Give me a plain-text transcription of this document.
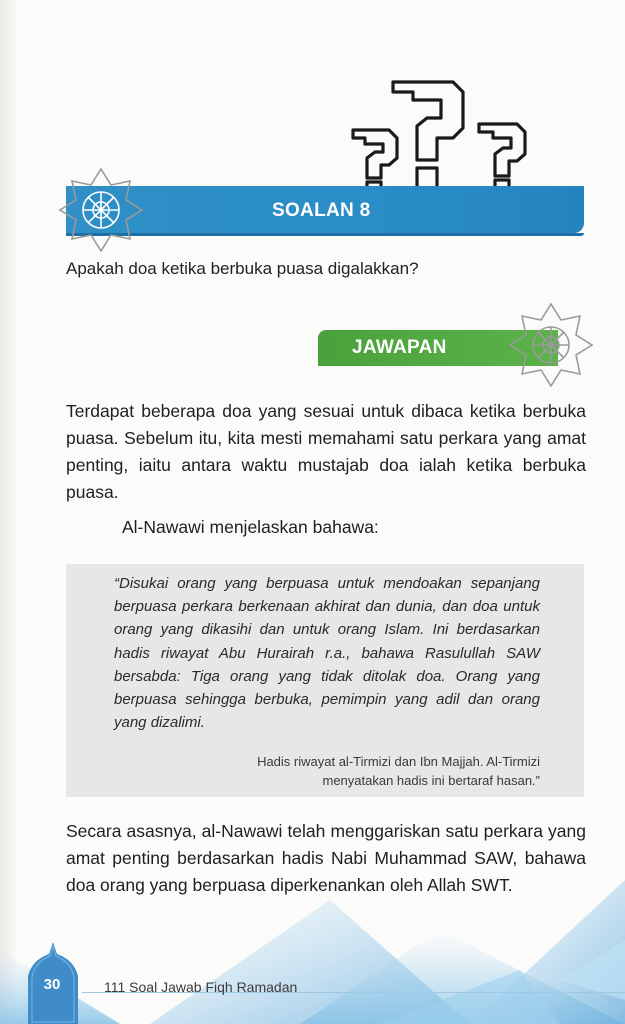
SOALAN 8
Apakah doa ketika berbuka puasa digalakkan?
JAWAPAN

Terdapat beberapa doa yang sesuai untuk dibaca ketika berbuka puasa. Sebelum itu, kita mesti memahami satu perkara yang amat penting, iaitu antara waktu mustajab doa ialah ketika berbuka puasa.

Al-Nawawi menjelaskan bahawa:

“Disukai orang yang berpuasa untuk mendoakan sepanjang berpuasa perkara berkenaan akhirat dan dunia, dan doa untuk orang yang dikasihi dan untuk orang Islam. Ini berdasarkan hadis riwayat Abu Hurairah r.a., bahawa Rasulullah SAW bersabda: Tiga orang yang tidak ditolak doa. Orang yang berpuasa sehingga berbuka, pemimpin yang adil dan orang yang dizalimi.

Hadis riwayat al-Tirmizi dan Ibn Majjah. Al-Tirmizi
menyatakan hadis ini bertaraf hasan.”

Secara asasnya, al-Nawawi telah menggariskan satu perkara yang amat penting berdasarkan hadis Nabi Muhammad SAW, bahawa doa orang yang berpuasa diperkenankan oleh Allah SWT.

30	111 Soal Jawab Fiqh Ramadan
